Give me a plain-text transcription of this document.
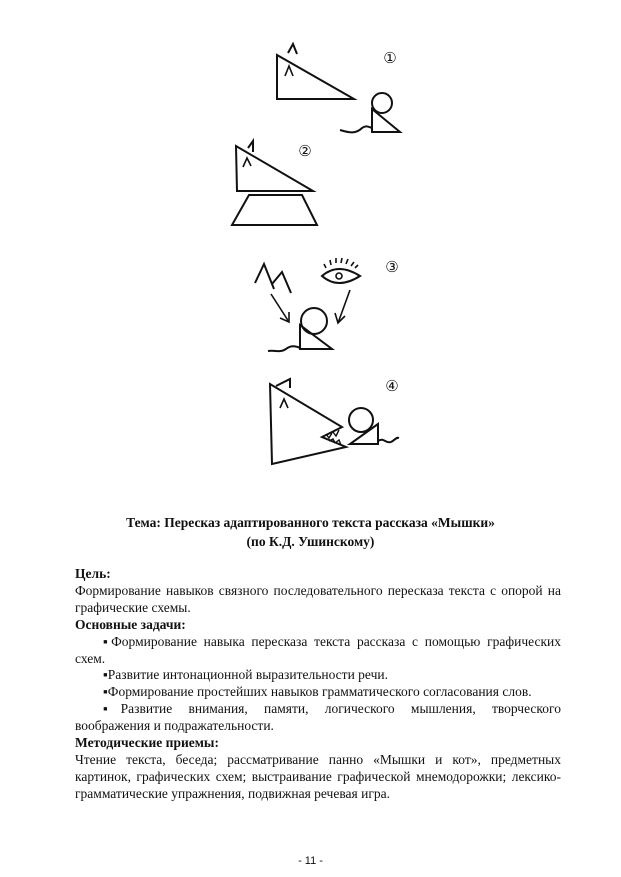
①
②
③
④
Тема: Пересказ адаптированного текста рассказа «Мышки»
(по К.Д. Ушинскому)

Цель:

Формирование навыков связного последовательного пересказа текста с опорой на графические схемы.

Основные задачи:

▪Формирование навыка пересказа текста рассказа с помощью графических схем.

▪Развитие интонационной выразительности речи.

▪Формирование простейших навыков грамматического согласования слов.

▪Развитие внимания, памяти, логического мышления, творческого воображения и подражательности.

Методические приемы:

Чтение текста, беседа; рассматривание панно «Мышки и кот», предметных картинок, графических схем; выстраивание графической мнемодорожки; лексико-грамматические упражнения, подвижная речевая игра.

- 11 -
